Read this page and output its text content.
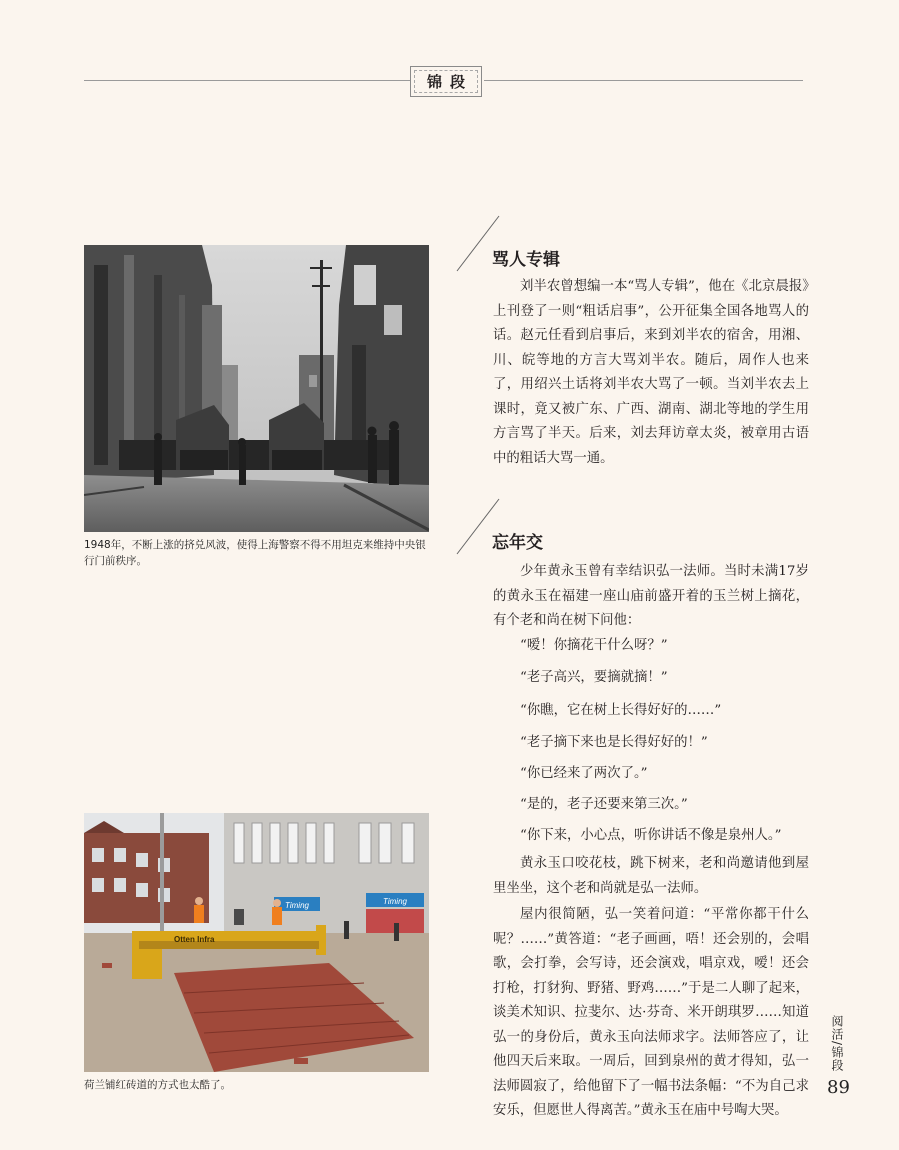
锦段
1948年，不断上涨的挤兑风波，使得上海警察不得不用坦克来维持中央银行门前秩序。
Timing	Timing
Otten Infra
荷兰铺红砖道的方式也太酷了。
骂人专辑

刘半农曾想编一本“骂人专辑”，他在《北京晨报》上刊登了一则“粗话启事”，公开征集全国各地骂人的话。赵元任看到启事后，来到刘半农的宿舍，用湘、川、皖等地的方言大骂刘半农。随后，周作人也来了，用绍兴土话将刘半农大骂了一顿。当刘半农去上课时，竟又被广东、广西、湖南、湖北等地的学生用方言骂了半天。后来，刘去拜访章太炎，被章用古语中的粗话大骂一通。

忘年交

少年黄永玉曾有幸结识弘一法师。当时未满17岁的黄永玉在福建一座山庙前盛开着的玉兰树上摘花，有个老和尚在树下问他：

“嗳！你摘花干什么呀？”

“老子高兴，要摘就摘！”

“你瞧，它在树上长得好好的……”

“老子摘下来也是长得好好的！”

“你已经来了两次了。”

“是的，老子还要来第三次。”

“你下来，小心点，听你讲话不像是泉州人。”

黄永玉口咬花枝，跳下树来，老和尚邀请他到屋里坐坐，这个老和尚就是弘一法师。

屋内很简陋，弘一笑着问道：“平常你都干什么呢？……”黄答道：“老子画画，唔！还会别的，会唱歌，会打拳，会写诗，还会演戏，唱京戏，嗳！还会打枪，打豺狗、野猪、野鸡……”于是二人聊了起来，谈美术知识、拉斐尔、达·芬奇、米开朗琪罗……知道弘一的身份后，黄永玉向法师求字。法师答应了，让他四天后来取。一周后，回到泉州的黄才得知，弘一法师圆寂了，给他留下了一幅书法条幅：“不为自己求安乐，但愿世人得离苦。”黄永玉在庙中号啕大哭。

阅活/锦段
89
